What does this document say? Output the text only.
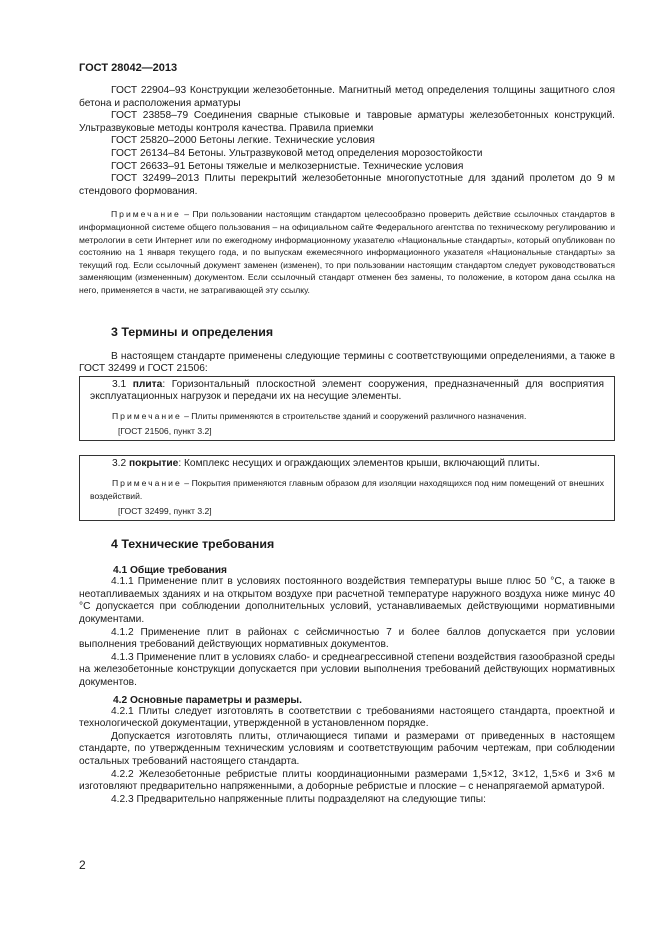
ГОСТ 28042—2013

ГОСТ 22904–93 Конструкции железобетонные. Магнитный метод определения толщины защитного слоя бетона и расположения арматуры

ГОСТ 23858–79 Соединения сварные стыковые и тавровые арматуры железобетонных конструкций. Ультразвуковые методы контроля качества. Правила приемки

ГОСТ 25820–2000 Бетоны легкие. Технические условия

ГОСТ 26134–84 Бетоны. Ультразвуковой метод определения морозостойкости

ГОСТ 26633–91 Бетоны тяжелые и мелкозернистые. Технические условия

ГОСТ 32499–2013 Плиты перекрытий железобетонные многопустотные для зданий пролетом до 9 м стендового формования.

Примечание – При пользовании настоящим стандартом целесообразно проверить действие ссылочных стандартов в информационной системе общего пользования – на официальном сайте Федерального агентства по техническому регулированию и метрологии в сети Интернет или по ежегодному информационному указателю «Национальные стандарты», который опубликован по состоянию на 1 января текущего года, и по выпускам ежемесячного информационного указателя «Национальные стандарты» за текущий год. Если ссылочный документ заменен (изменен), то при пользовании настоящим стандартом следует руководствоваться заменяющим (измененным) документом. Если ссылочный стандарт отменен без замены, то положение, в котором дана ссылка на него, применяется в части, не затрагивающей эту ссылку.

3 Термины и определения

В настоящем стандарте применены следующие термины с соответствующими определениями, а также в ГОСТ 32499 и ГОСТ 21506:

3.1 плита: Горизонтальный плоскостной элемент сооружения, предназначенный для восприятия эксплуатационных нагрузок и передачи их на несущие элементы.

Примечание – Плиты применяются в строительстве зданий и сооружений различного назначения.

[ГОСТ 21506, пункт 3.2]

3.2 покрытие: Комплекс несущих и ограждающих элементов крыши, включающий плиты.

Примечание – Покрытия применяются главным образом для изоляции находящихся под ним помещений от внешних воздействий.

[ГОСТ 32499, пункт 3.2]

4 Технические требования

4.1 Общие требования

4.1.1 Применение плит в условиях постоянного воздействия температуры выше плюс 50 °С, а также в неотапливаемых зданиях и на открытом воздухе при расчетной температуре наружного воздуха ниже минус 40 °С допускается при соблюдении дополнительных условий, устанавливаемых действующими нормативными документами.

4.1.2 Применение плит в районах с сейсмичностью 7 и более баллов допускается при условии выполнения требований действующих нормативных документов.

4.1.3 Применение плит в условиях слабо- и среднеагрессивной степени воздействия газообразной среды на железобетонные конструкции допускается при условии выполнения требований действующих нормативных документов.

4.2 Основные параметры и размеры.

4.2.1 Плиты следует изготовлять в соответствии с требованиями настоящего стандарта, проектной и технологической документации, утвержденной в установленном порядке.

Допускается изготовлять плиты, отличающиеся типами и размерами от приведенных в настоящем стандарте, по утвержденным техническим условиям и соответствующим рабочим чертежам, при соблюдении остальных требований настоящего стандарта.

4.2.2 Железобетонные ребристые плиты координационными размерами 1,5×12, 3×12, 1,5×6 и 3×6 м изготовляют предварительно напряженными, а доборные ребристые и плоские – с ненапрягаемой арматурой.

4.2.3 Предварительно напряженные плиты подразделяют на следующие типы:

2
